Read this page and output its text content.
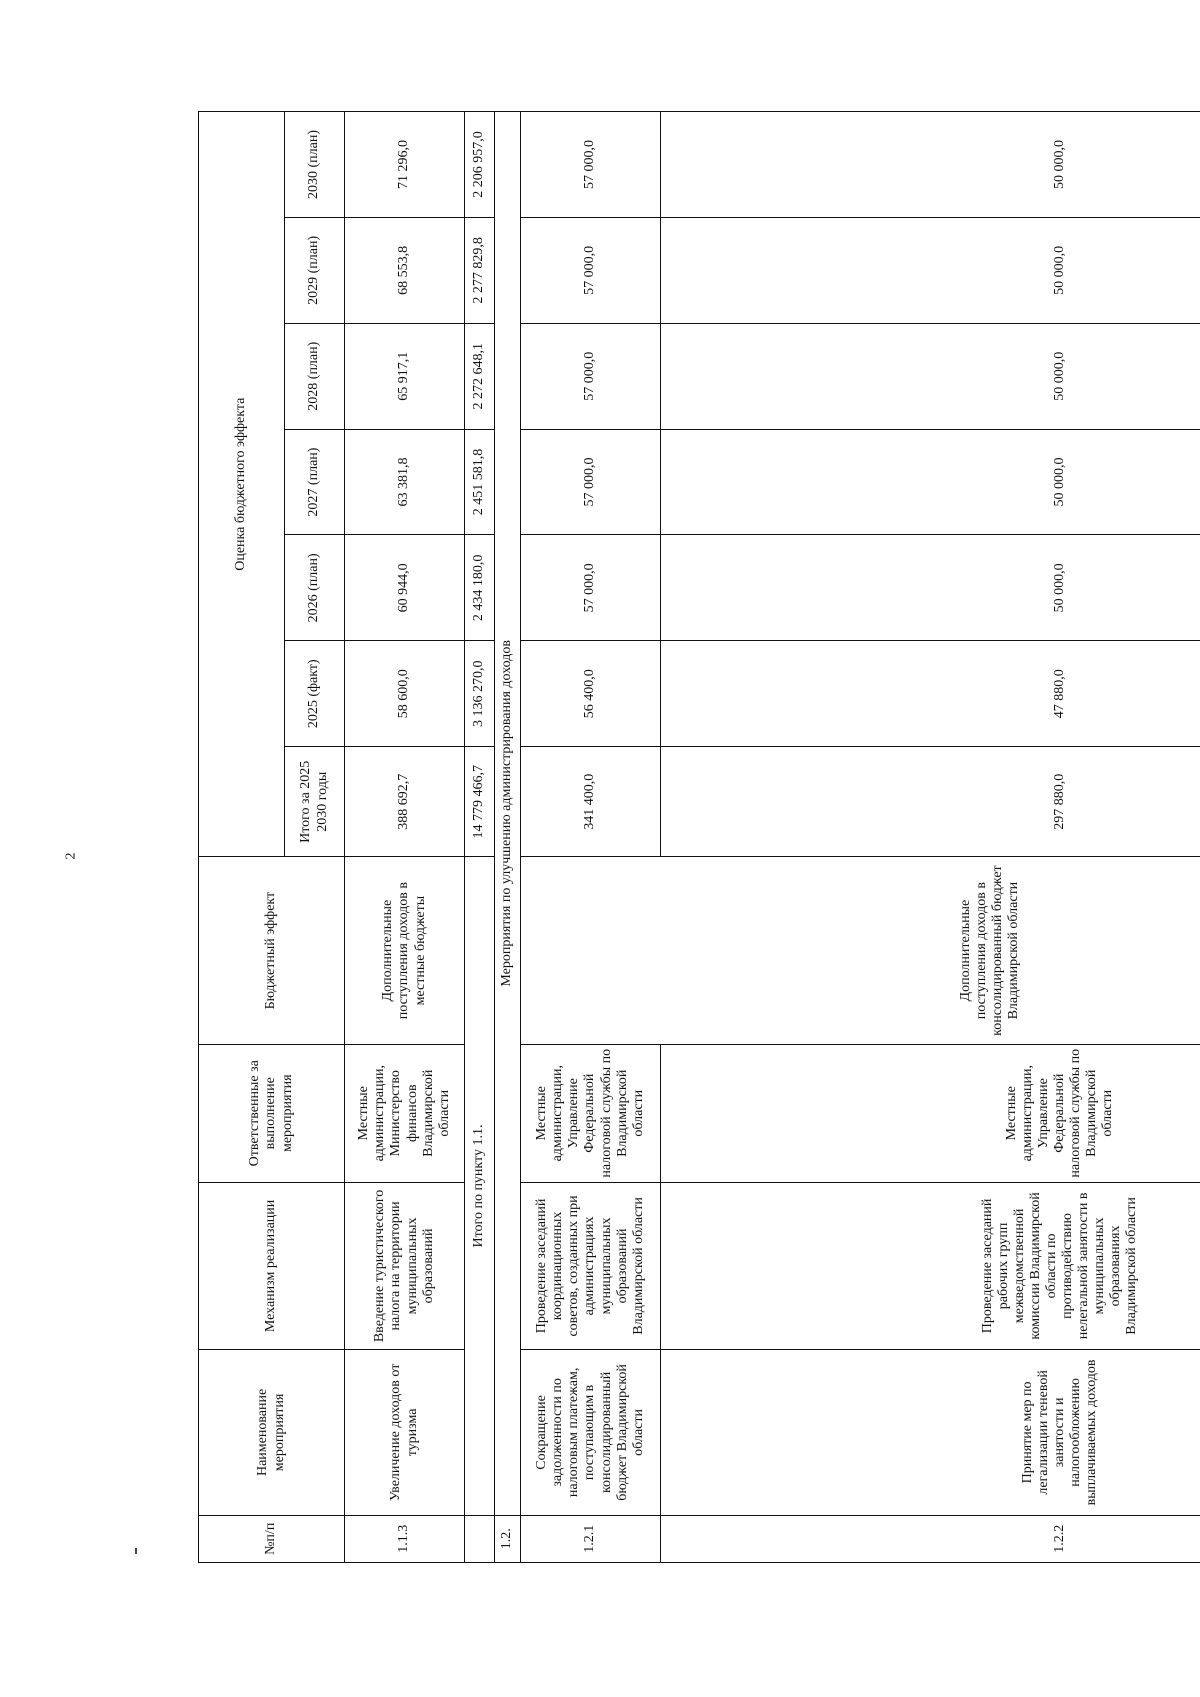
2
№п/п	Наименование мероприятия	Механизм реализации	Ответственные за выполнение мероприятия	Бюджетный эффект	Оценка бюджетного эффекта						
					Итого за 2025 2030 годы	2025 (факт)	2026 (план)	2027 (план)	2028 (план)	2029 (план)	2030 (план)
1.1.3	Увеличение доходов от туризма	Введение туристического налога на территории муниципальных образований	Местные администрации, Министерство финансов Владимирской области	Дополнительные поступления доходов в местные бюджеты	388 692,7	58 600,0	60 944,0	63 381,8	65 917,1	68 553,8	71 296,0
	Итого по пункту 1.1.				14 779 466,7	3 136 270,0	2 434 180,0	2 451 581,8	2 272 648,1	2 277 829,8	2 206 957,0
1.2.	Мероприятия по улучшению администрирования доходов										
1.2.1	Сокращение задолженности по налоговым платежам, поступающим в консолидированный бюджет Владимирской области	Проведение заседаний координационных советов, созданных при администрациях муниципальных образований Владимирской области	Местные администрации, Управление Федеральной налоговой службы по Владимирской области	Дополнительные поступления доходов в консолидированный бюджет Владимирской области	341 400,0	56 400,0	57 000,0	57 000,0	57 000,0	57 000,0	57 000,0
1.2.2	Принятие мер по легализации теневой занятости и налогообложению выплачиваемых доходов	Проведение заседаний рабочих групп межведомственной комиссии Владимирской области по противодействию нелегальной занятости в муниципальных образованиях Владимирской области	Местные администрации, Управление Федеральной налоговой службы по Владимирской области		297 880,0	47 880,0	50 000,0	50 000,0	50 000,0	50 000,0	50 000,0
